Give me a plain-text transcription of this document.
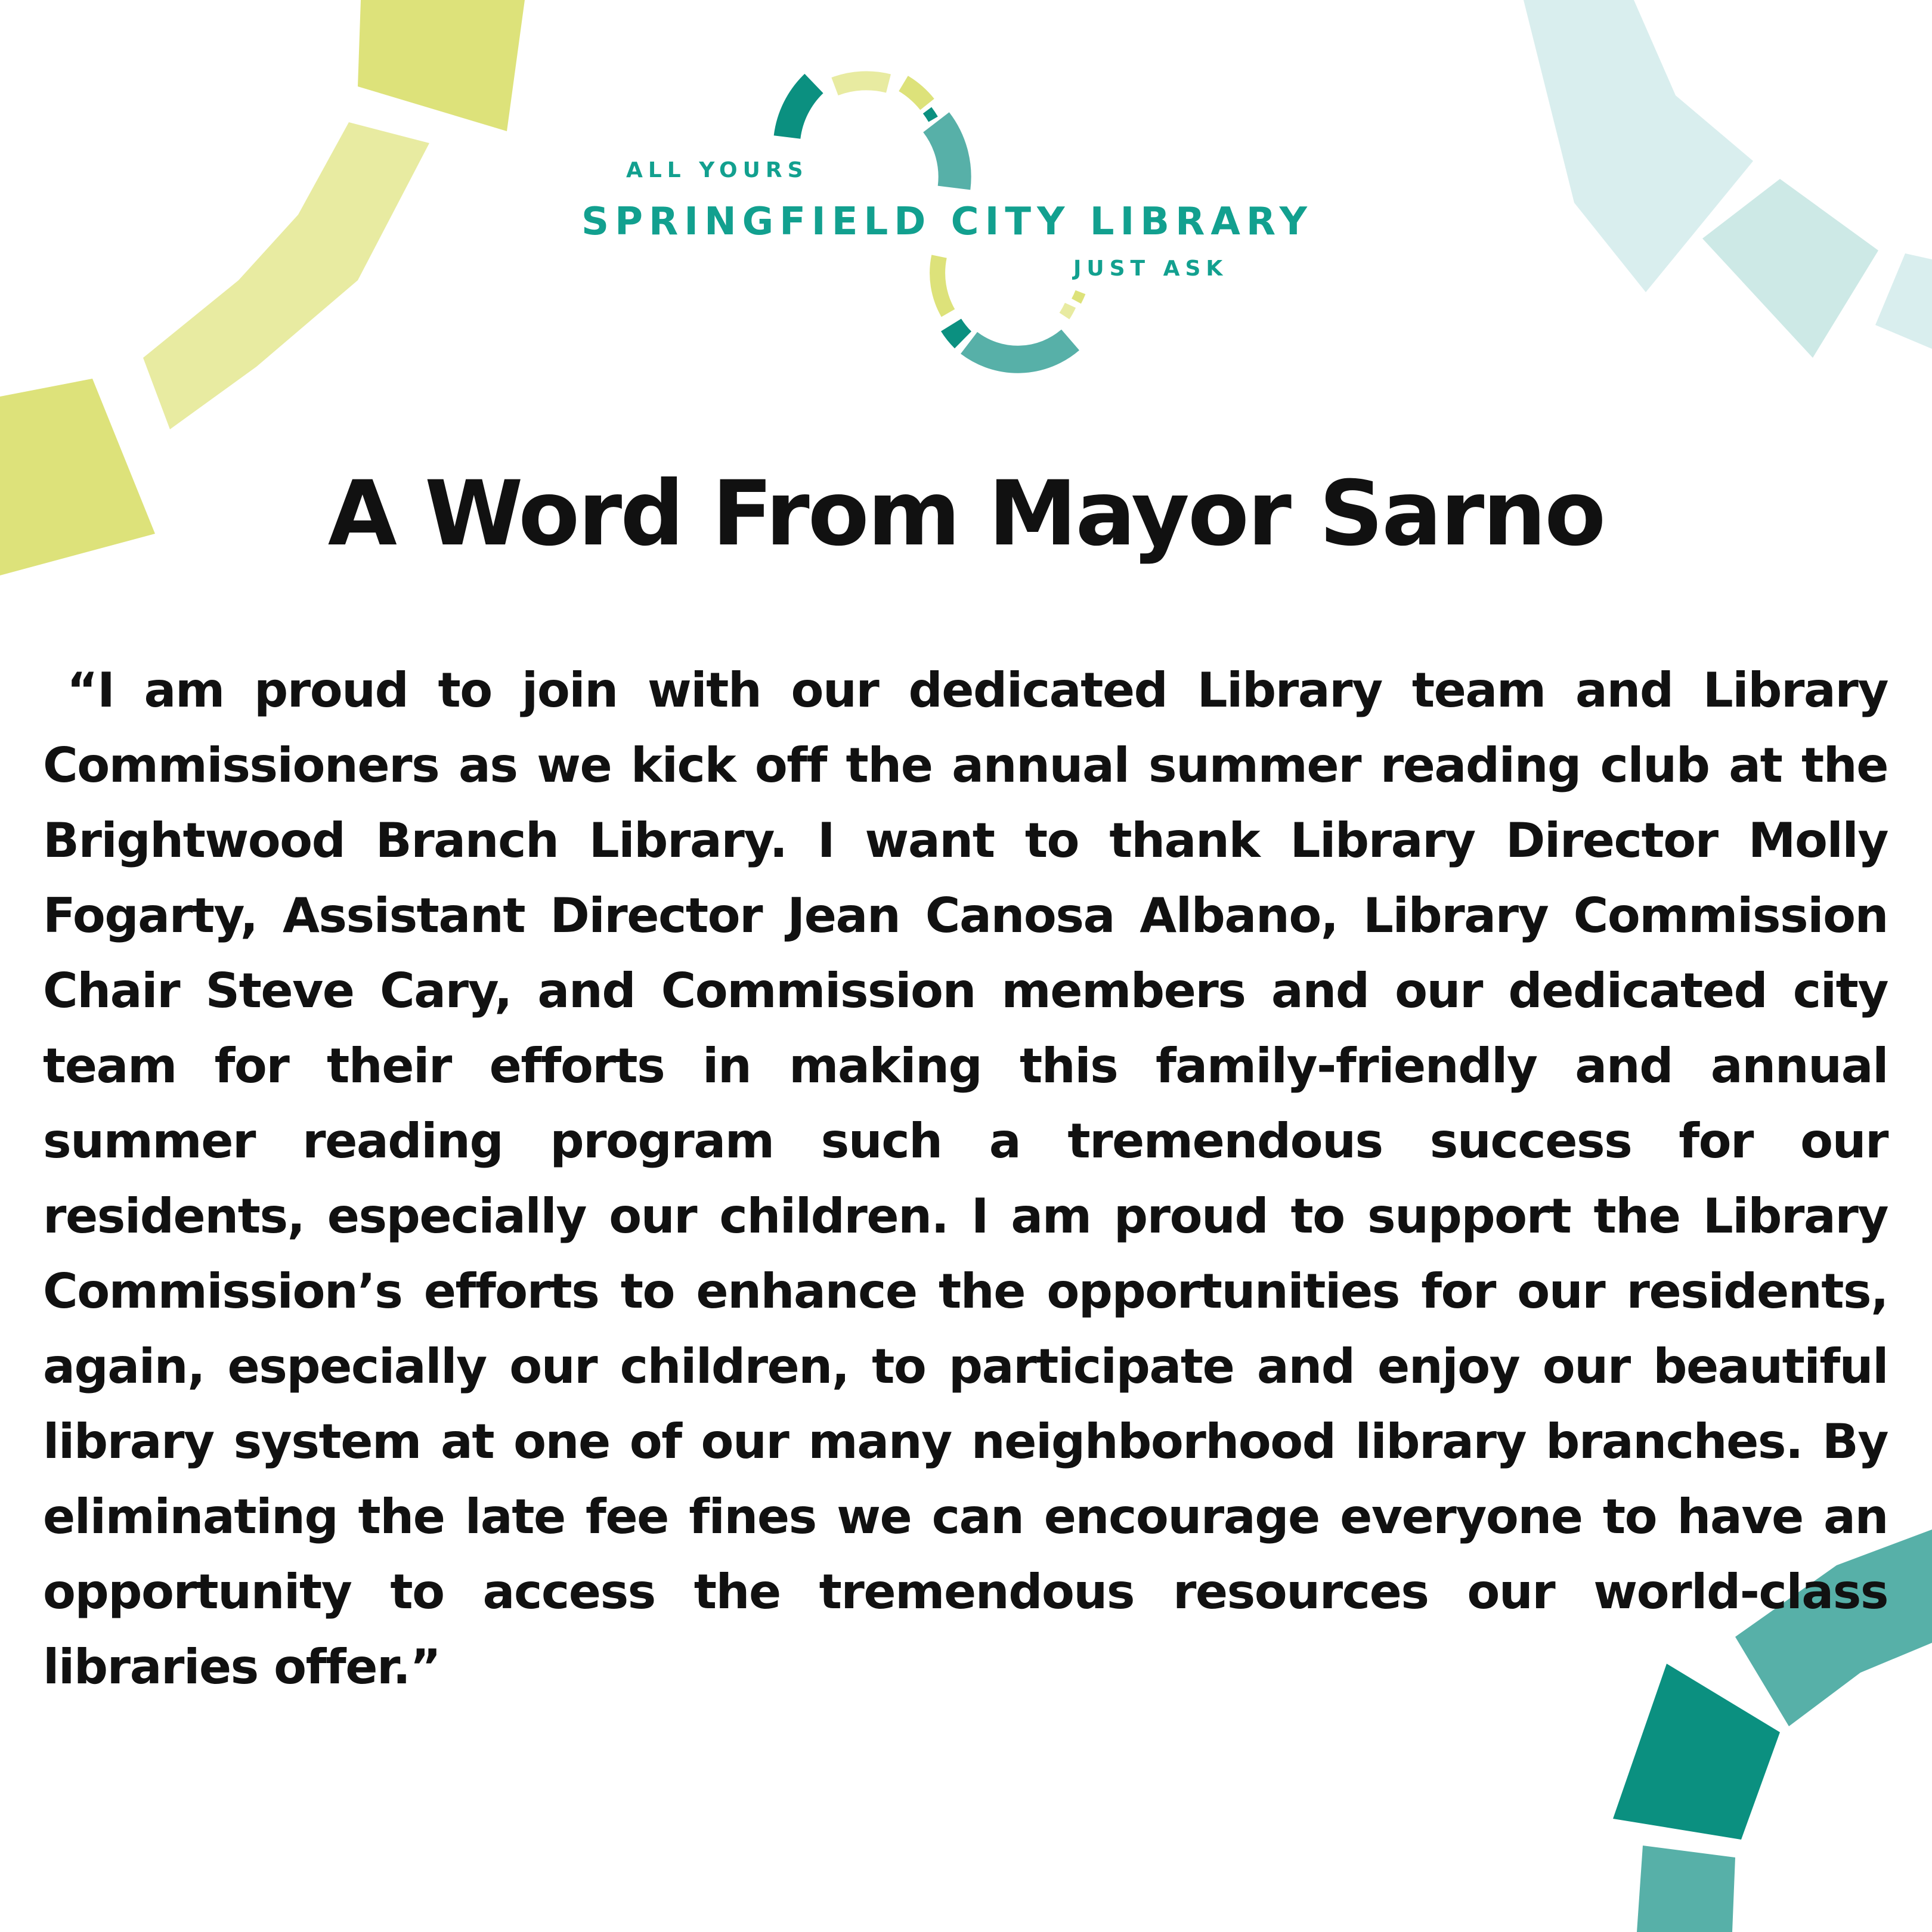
ALL YOURS
SPRINGFIELD CITY LIBRARY
JUST ASK
A Word From Mayor Sarno

“I am proud to join with our dedicated Library team and Library Commissioners as we kick off the annual summer reading club at the Brightwood Branch Library. I want to thank Library Director Molly Fogarty, Assistant Director Jean Canosa Albano, Library Commission Chair Steve Cary, and Commission members and our dedicated city team for their efforts in making this family-friendly and annual summer reading program such a tremendous success for our residents, especially our children. I am proud to support the Library Commission’s efforts to enhance the opportunities for our residents, again, especially our children, to participate and enjoy our beautiful library system at one of our many neighborhood library branches. By eliminating the late fee fines we can encourage everyone to have an opportunity to access the tremendous resources our world-class libraries offer.”
